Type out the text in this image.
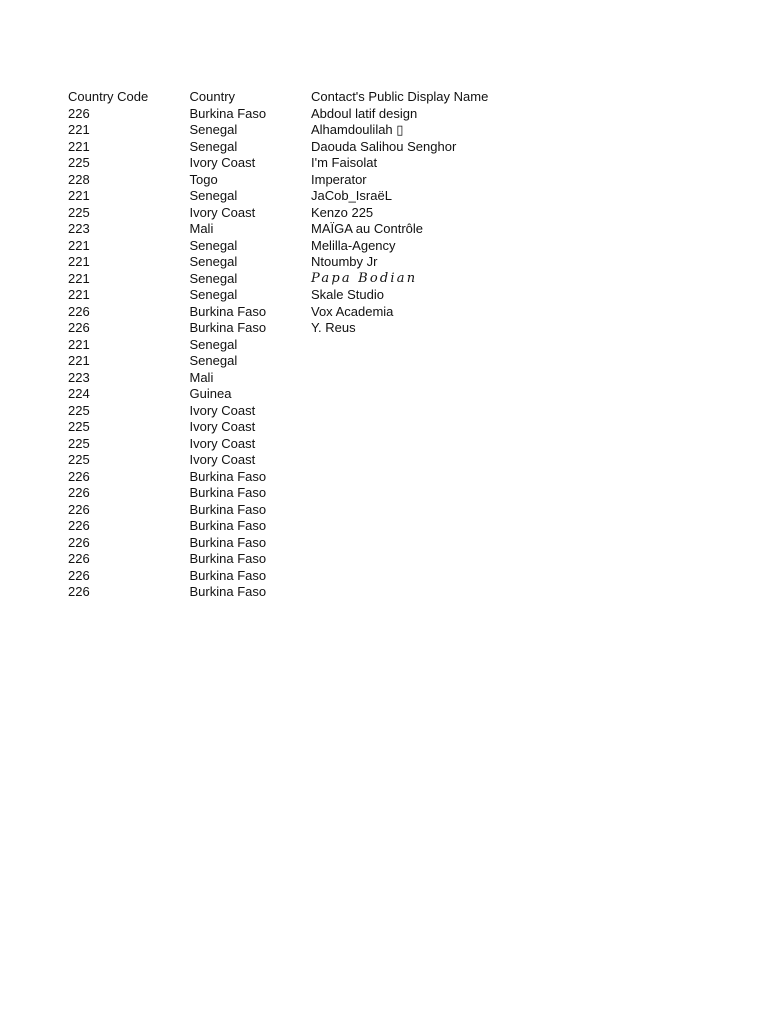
Country Code	Country	Contact's Public Display Name
226	Burkina Faso	Abdoul latif design
221	Senegal	Alhamdoulilah ▯
221	Senegal	Daouda Salihou Senghor
225	Ivory Coast	I'm Faisolat
228	Togo	Imperator
221	Senegal	JaCob_IsraëL
225	Ivory Coast	Kenzo 225
223	Mali	MAÏGA au Contrôle
221	Senegal	Melilla-Agency
221	Senegal	Ntoumby Jr
221	Senegal	Papa Bodian
221	Senegal	Skale Studio
226	Burkina Faso	Vox Academia
226	Burkina Faso	Y. Reus
221	Senegal
221	Senegal
223	Mali
224	Guinea
225	Ivory Coast
225	Ivory Coast
225	Ivory Coast
225	Ivory Coast
226	Burkina Faso
226	Burkina Faso
226	Burkina Faso
226	Burkina Faso
226	Burkina Faso
226	Burkina Faso
226	Burkina Faso
226	Burkina Faso
